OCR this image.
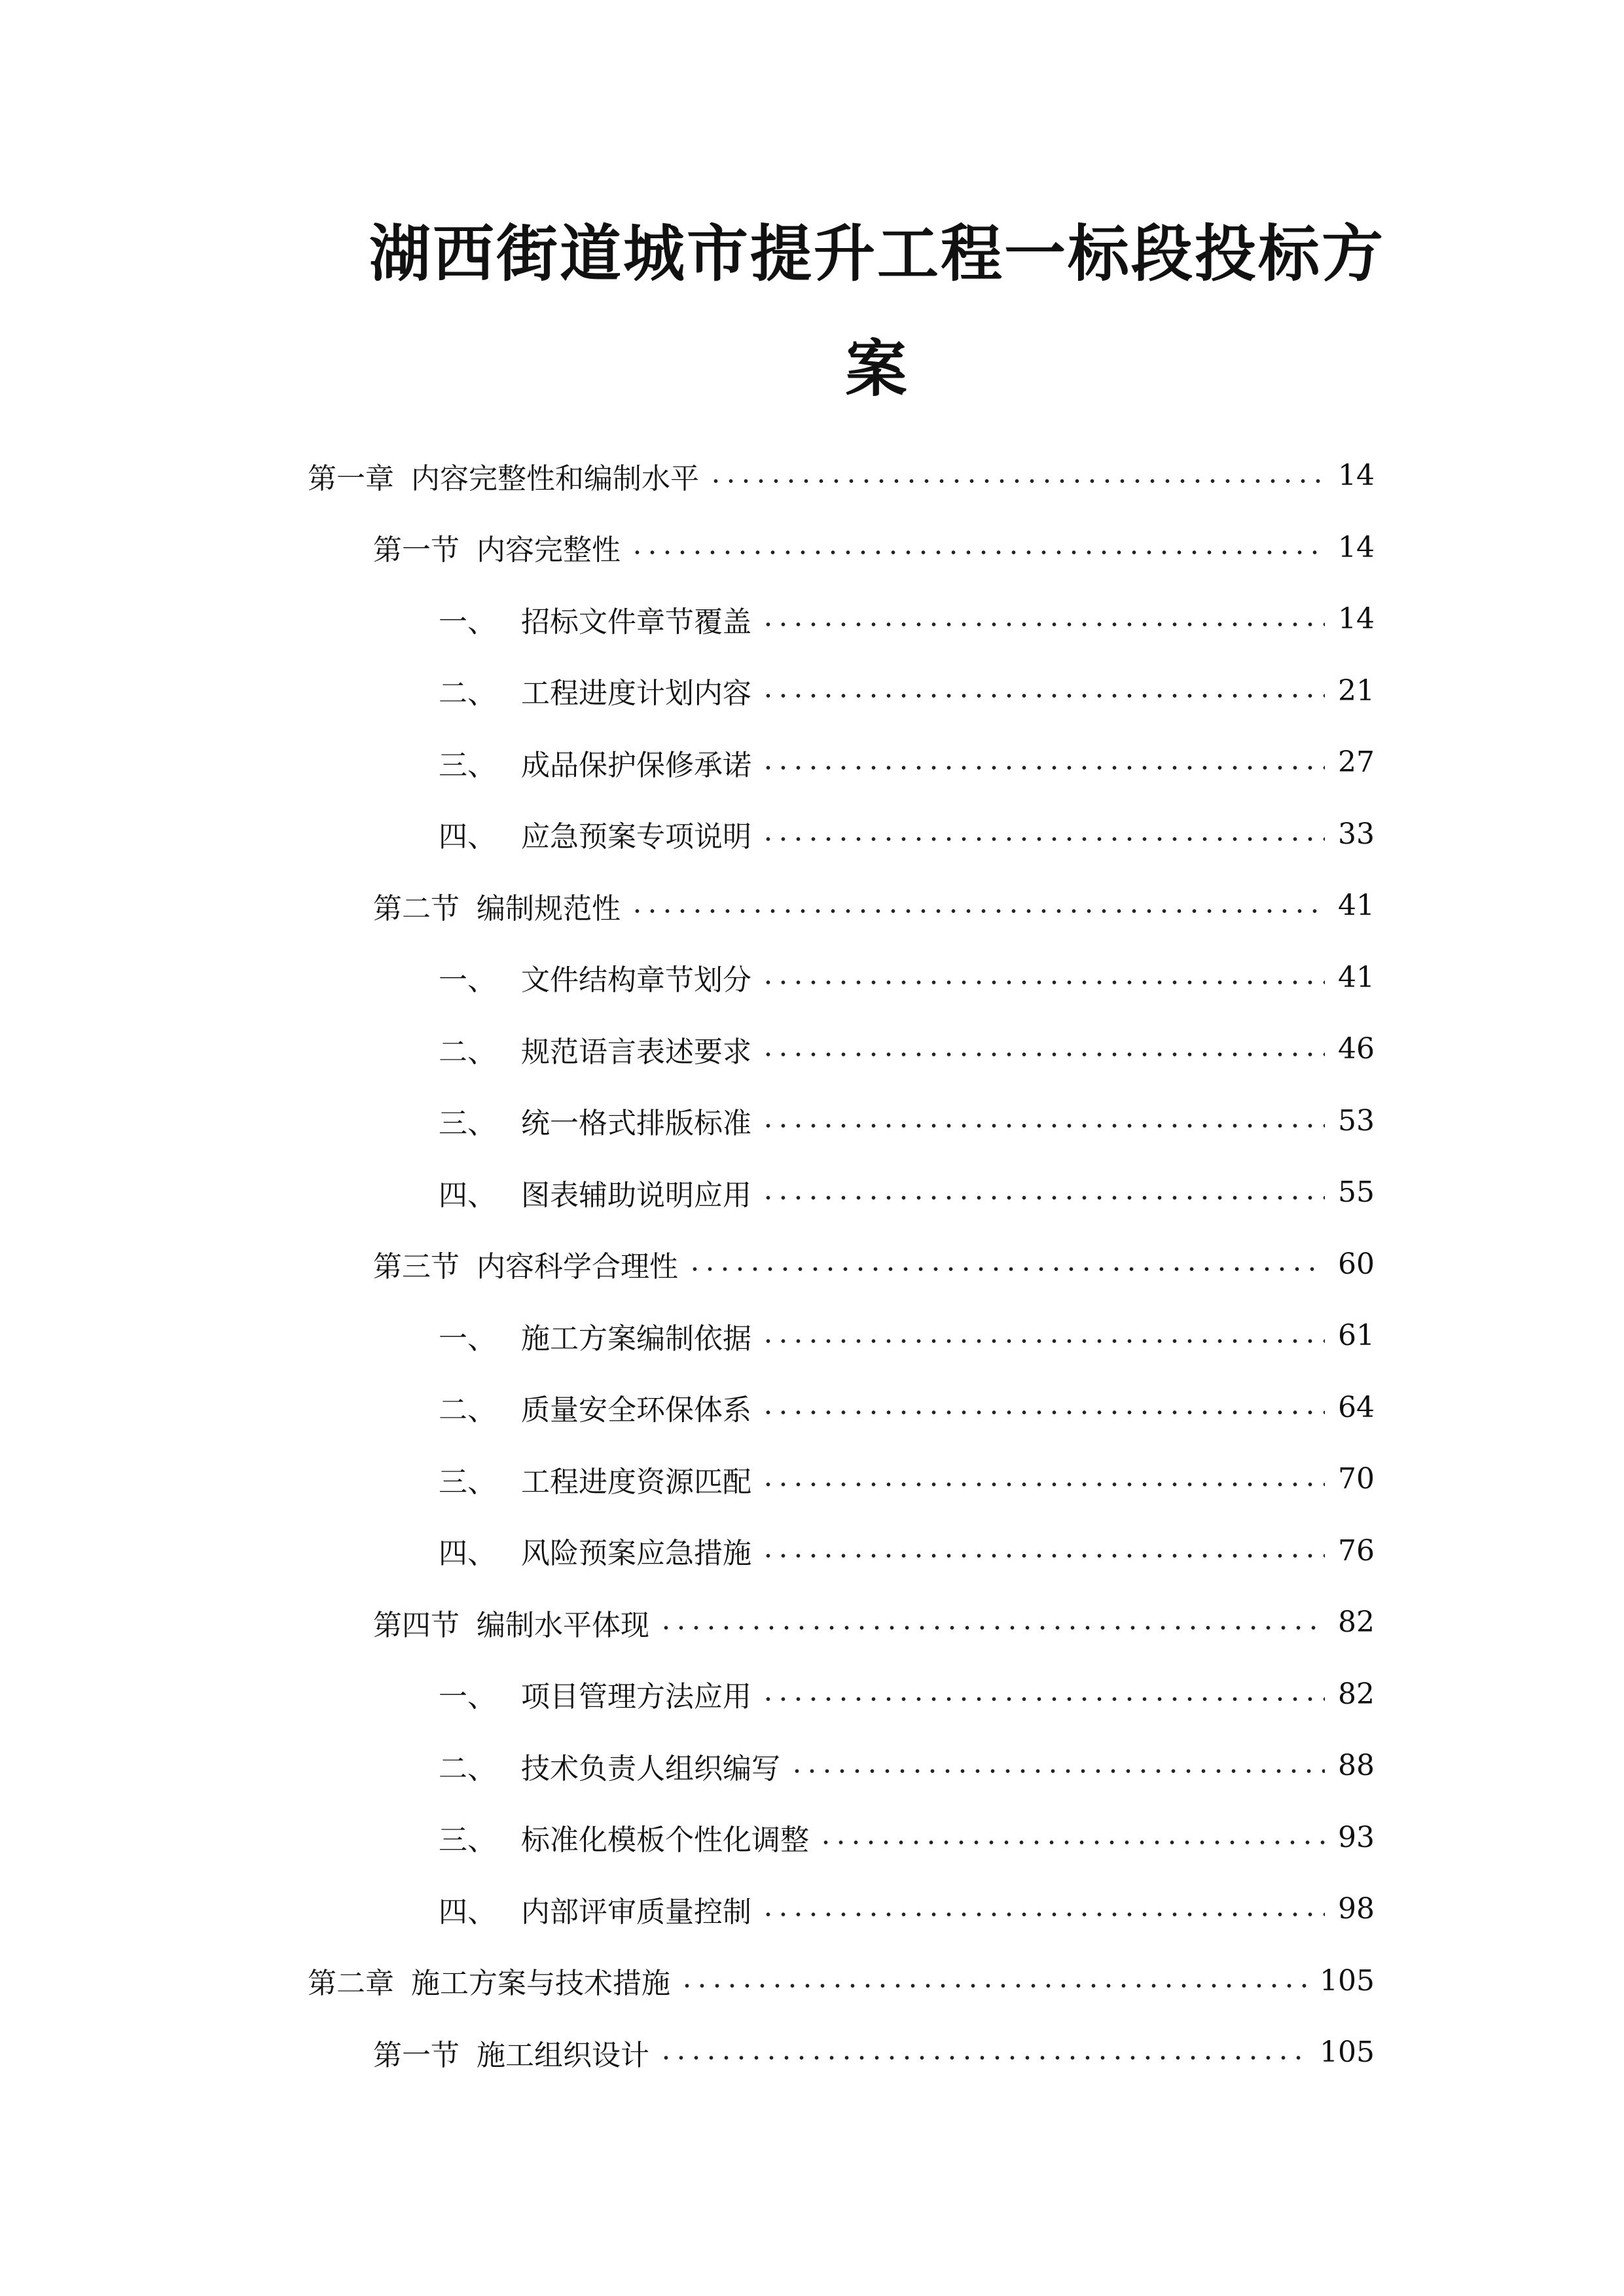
湖西街道城市提升工程一标段投标方案
第一章 内容完整性和编制水平	14
第一节 内容完整性	14
一、 招标文件章节覆盖	14
二、 工程进度计划内容	21
三、 成品保护保修承诺	27
四、 应急预案专项说明	33
第二节 编制规范性	41
一、 文件结构章节划分	41
二、 规范语言表述要求	46
三、 统一格式排版标准	53
四、 图表辅助说明应用	55
第三节 内容科学合理性	60
一、 施工方案编制依据	61
二、 质量安全环保体系	64
三、 工程进度资源匹配	70
四、 风险预案应急措施	76
第四节 编制水平体现	82
一、 项目管理方法应用	82
二、 技术负责人组织编写	88
三、 标准化模板个性化调整	93
四、 内部评审质量控制	98
第二章 施工方案与技术措施	105
第一节 施工组织设计	105
